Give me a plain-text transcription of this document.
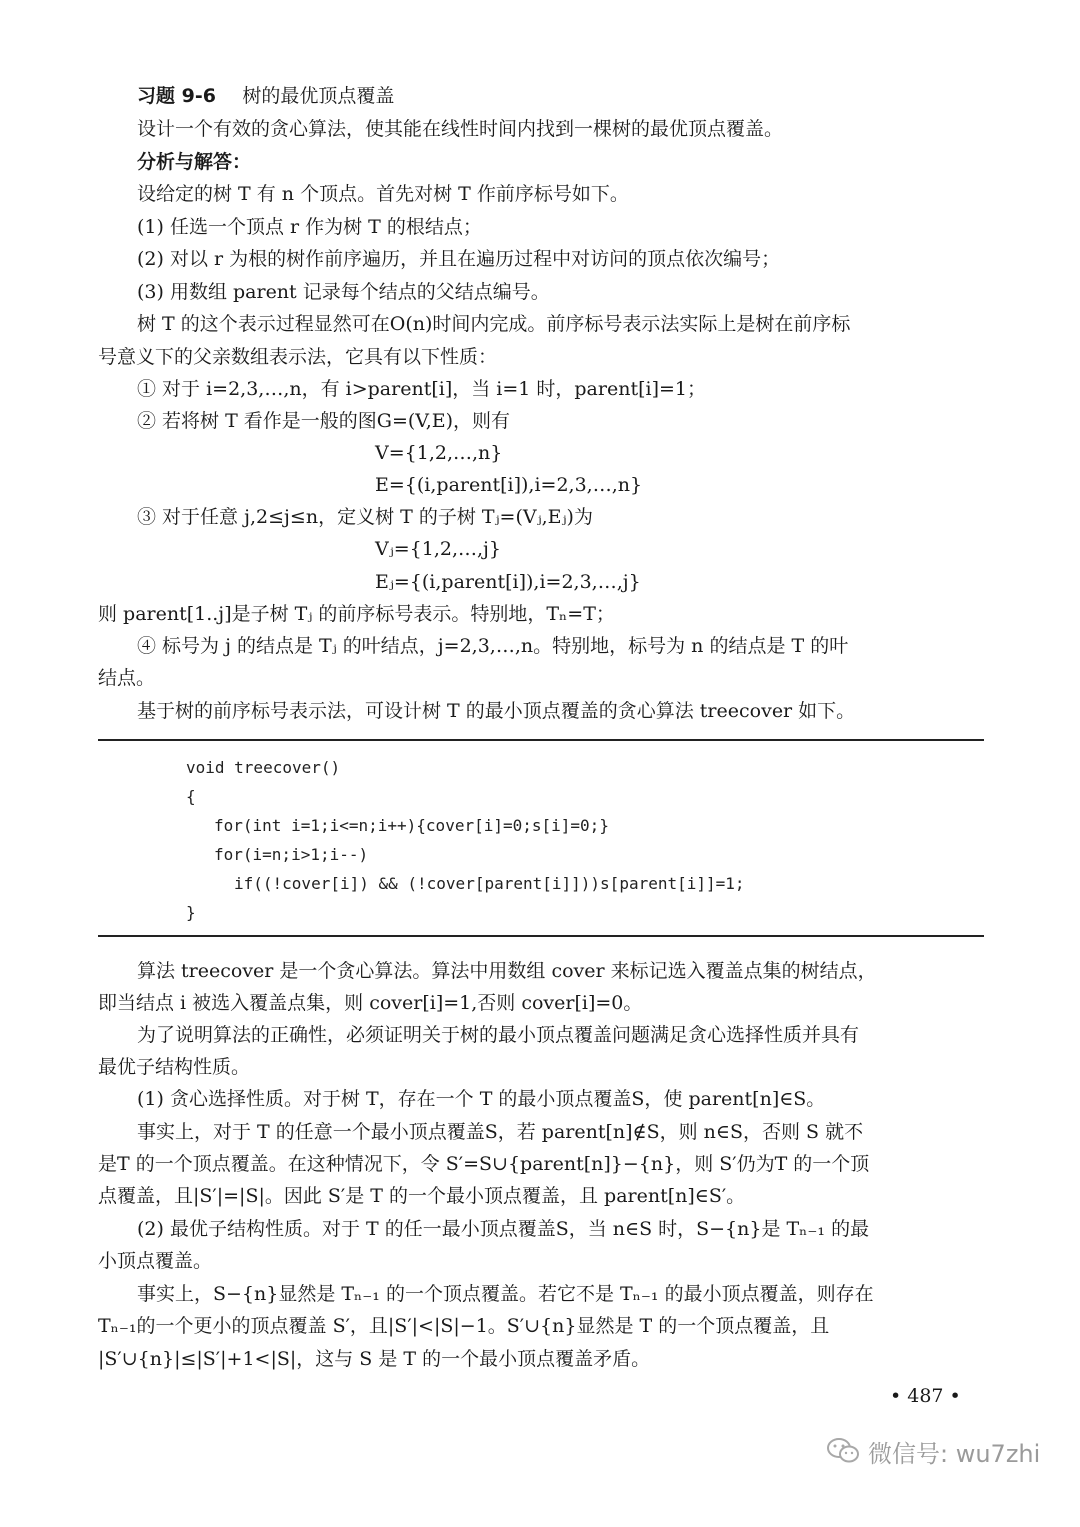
习题 9-6 树的最优顶点覆盖
设计一个有效的贪心算法，使其能在线性时间内找到一棵树的最优顶点覆盖。
分析与解答：
设给定的树 T 有 n 个顶点。首先对树 T 作前序标号如下。
(1) 任选一个顶点 r 作为树 T 的根结点；
(2) 对以 r 为根的树作前序遍历，并且在遍历过程中对访问的顶点依次编号；
(3) 用数组 parent 记录每个结点的父结点编号。
树 T 的这个表示过程显然可在O(n)时间内完成。前序标号表示法实际上是树在前序标
号意义下的父亲数组表示法，它具有以下性质：
① 对于 i=2,3,…,n，有 i>parent[i]，当 i=1 时，parent[i]=1；
② 若将树 T 看作是一般的图G=(V,E)，则有
V={1,2,…,n}
E={(i,parent[i]),i=2,3,…,n}
③ 对于任意 j,2≤j≤n，定义树 T 的子树 Tⱼ=(Vⱼ,Eⱼ)为
Vⱼ={1,2,…,j}
Eⱼ={(i,parent[i]),i=2,3,…,j}
则 parent[1..j]是子树 Tⱼ 的前序标号表示。特别地，Tₙ=T；
④ 标号为 j 的结点是 Tⱼ 的叶结点，j=2,3,…,n。特别地，标号为 n 的结点是 T 的叶
结点。
基于树的前序标号表示法，可设计树 T 的最小顶点覆盖的贪心算法 treecover 如下。
void treecover()
{
for(int i=1;i<=n;i++){cover[i]=0;s[i]=0;}
for(i=n;i>1;i--)
if((!cover[i]) && (!cover[parent[i]]))s[parent[i]]=1;
}
算法 treecover 是一个贪心算法。算法中用数组 cover 来标记选入覆盖点集的树结点，
即当结点 i 被选入覆盖点集，则 cover[i]=1,否则 cover[i]=0。
为了说明算法的正确性，必须证明关于树的最小顶点覆盖问题满足贪心选择性质并具有
最优子结构性质。
(1) 贪心选择性质。对于树 T，存在一个 T 的最小顶点覆盖S，使 parent[n]∈S。
事实上，对于 T 的任意一个最小顶点覆盖S，若 parent[n]∉S，则 n∈S，否则 S 就不
是T 的一个顶点覆盖。在这种情况下，令 S′=S∪{parent[n]}−{n}，则 S′仍为T 的一个顶
点覆盖，且|S′|=|S|。因此 S′是 T 的一个最小顶点覆盖，且 parent[n]∈S′。
(2) 最优子结构性质。对于 T 的任一最小顶点覆盖S，当 n∈S 时，S−{n}是 Tₙ₋₁ 的最
小顶点覆盖。
事实上，S−{n}显然是 Tₙ₋₁ 的一个顶点覆盖。若它不是 Tₙ₋₁ 的最小顶点覆盖，则存在
Tₙ₋₁的一个更小的顶点覆盖 S′，且|S′|<|S|−1。S′∪{n}显然是 T 的一个顶点覆盖，且
|S′∪{n}|≤|S′|+1<|S|，这与 S 是 T 的一个最小顶点覆盖矛盾。
• 487 •
微信号: wu7zhi
